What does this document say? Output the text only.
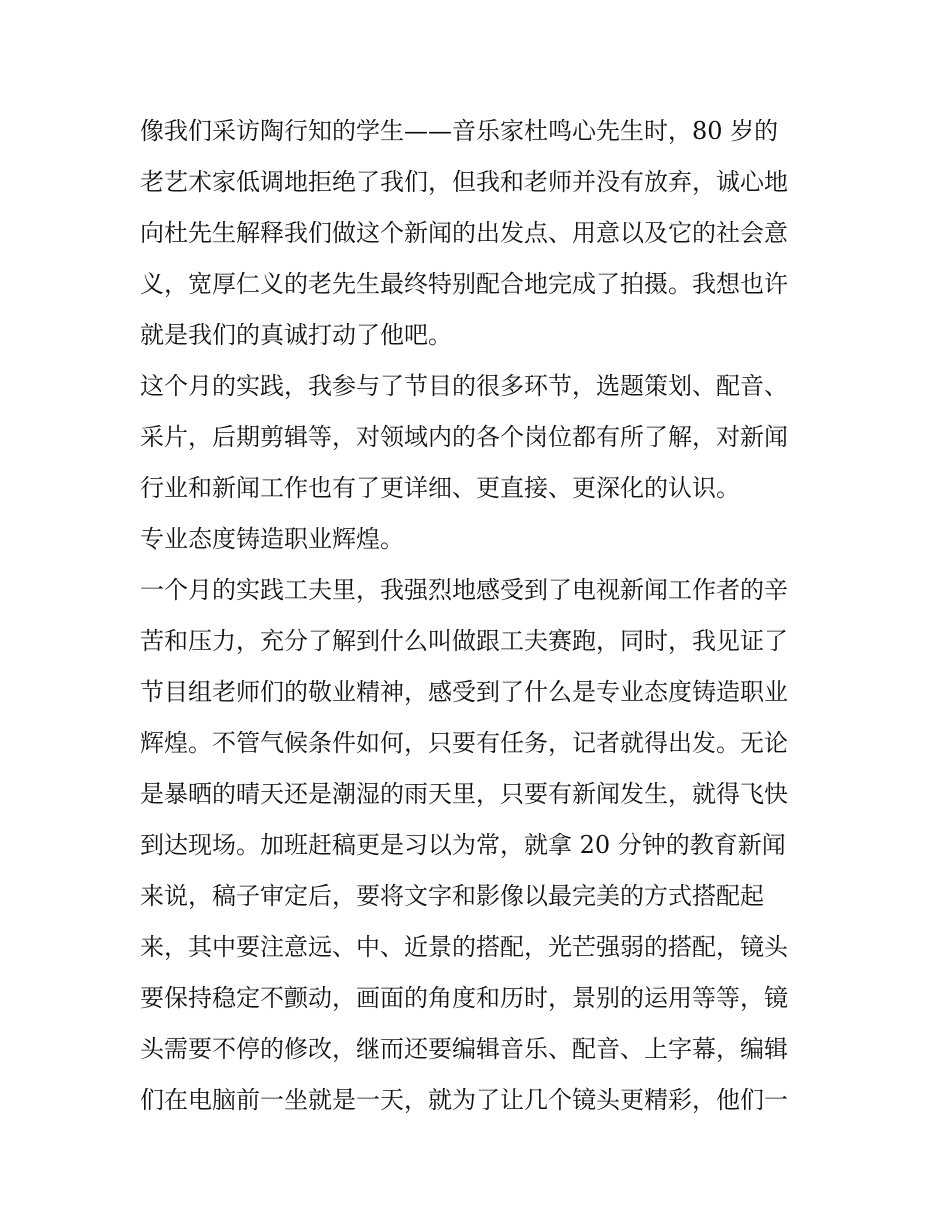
像我们采访陶行知的学生——音乐家杜鸣心先生时，80 岁的
老艺术家低调地拒绝了我们，但我和老师并没有放弃，诚心地
向杜先生解释我们做这个新闻的出发点、用意以及它的社会意
义，宽厚仁义的老先生最终特别配合地完成了拍摄。我想也许
就是我们的真诚打动了他吧。
这个月的实践，我参与了节目的很多环节，选题策划、配音、
采片，后期剪辑等，对领域内的各个岗位都有所了解，对新闻
行业和新闻工作也有了更详细、更直接、更深化的认识。
专业态度铸造职业辉煌。
一个月的实践工夫里，我强烈地感受到了电视新闻工作者的辛
苦和压力，充分了解到什么叫做跟工夫赛跑，同时，我见证了
节目组老师们的敬业精神，感受到了什么是专业态度铸造职业
辉煌。不管气候条件如何，只要有任务，记者就得出发。无论
是暴晒的晴天还是潮湿的雨天里，只要有新闻发生，就得飞快
到达现场。加班赶稿更是习以为常，就拿 20 分钟的教育新闻
来说，稿子审定后，要将文字和影像以最完美的方式搭配起
来，其中要注意远、中、近景的搭配，光芒强弱的搭配，镜头
要保持稳定不颤动，画面的角度和历时，景别的运用等等，镜
头需要不停的修改，继而还要编辑音乐、配音、上字幕，编辑
们在电脑前一坐就是一天，就为了让几个镜头更精彩，他们一
